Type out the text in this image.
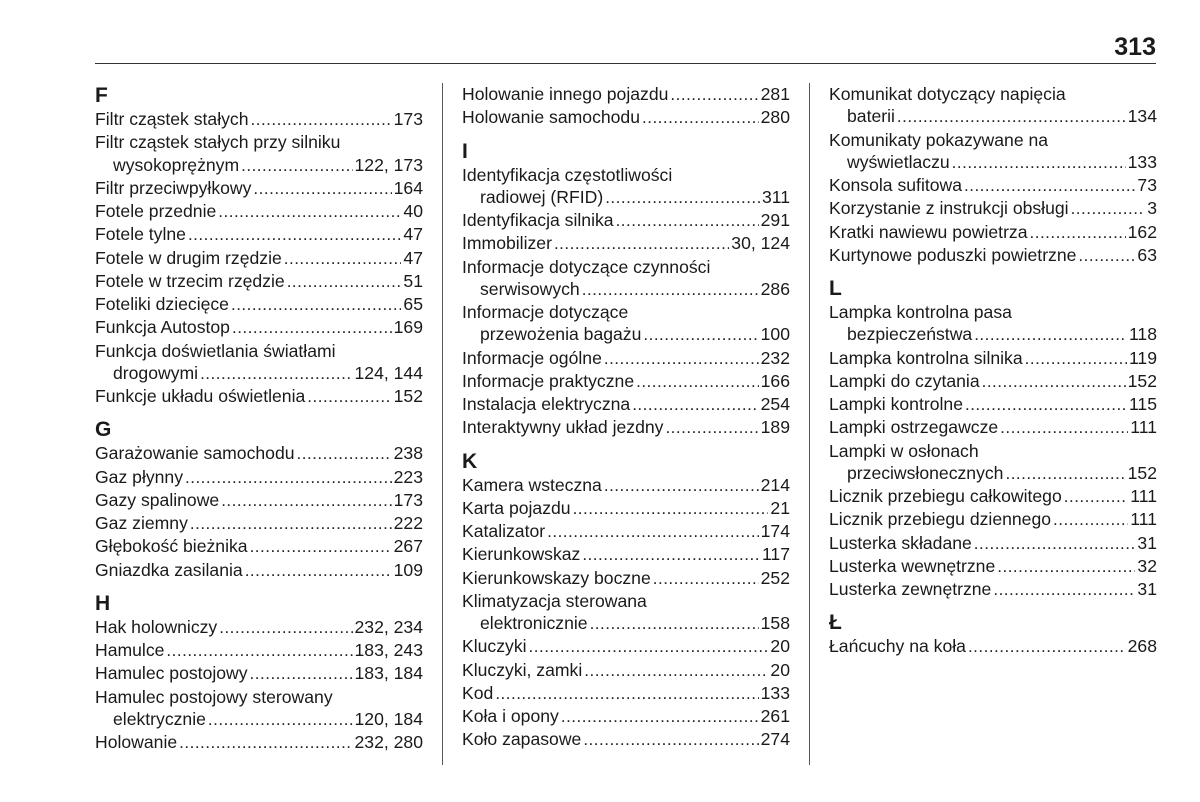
313
F
Filtr cząstek stałych .....	173
Filtr cząstek stałych przy silniku
wysokoprężnym .....	122, 173
Filtr przeciwpyłkowy .....	164
Fotele przednie .....	40
Fotele tylne .....	47
Fotele w drugim rzędzie .....	47
Fotele w trzecim rzędzie .....	51
Foteliki dziecięce .....	65
Funkcja Autostop .....	169
Funkcja doświetlania światłami
drogowymi .....	124, 144
Funkcje układu oświetlenia .....	152
G
Garażowanie samochodu .....	238
Gaz płynny .....	223
Gazy spalinowe .....	173
Gaz ziemny .....	222
Głębokość bieżnika .....	267
Gniazdka zasilania .....	109
H
Hak holowniczy .....	232, 234
Hamulce .....	183, 243
Hamulec postojowy .....	183, 184
Hamulec postojowy sterowany
elektrycznie .....	120, 184
Holowanie .....	232, 280
Holowanie innego pojazdu .....	281
Holowanie samochodu .....	280
I
Identyfikacja częstotliwości
radiowej (RFID) .....	311
Identyfikacja silnika .....	291
Immobilizer .....	30, 124
Informacje dotyczące czynności
serwisowych .....	286
Informacje dotyczące
przewożenia bagażu .....	100
Informacje ogólne .....	232
Informacje praktyczne .....	166
Instalacja elektryczna .....	254
Interaktywny układ jezdny .....	189
K
Kamera wsteczna .....	214
Karta pojazdu .....	21
Katalizator .....	174
Kierunkowskaz .....	117
Kierunkowskazy boczne .....	252
Klimatyzacja sterowana
elektronicznie .....	158
Kluczyki .....	20
Kluczyki, zamki .....	20
Kod .....	133
Koła i opony .....	261
Koło zapasowe .....	274
Komunikat dotyczący napięcia
baterii .....	134
Komunikaty pokazywane na
wyświetlaczu .....	133
Konsola sufitowa .....	73
Korzystanie z instrukcji obsługi .....	3
Kratki nawiewu powietrza .....	162
Kurtynowe poduszki powietrzne .....	63
L
Lampka kontrolna pasa
bezpieczeństwa .....	118
Lampka kontrolna silnika .....	119
Lampki do czytania .....	152
Lampki kontrolne .....	115
Lampki ostrzegawcze .....	111
Lampki w osłonach
przeciwsłonecznych .....	152
Licznik przebiegu całkowitego .....	111
Licznik przebiegu dziennego .....	111
Lusterka składane .....	31
Lusterka wewnętrzne .....	32
Lusterka zewnętrzne .....	31
Ł
Łańcuchy na koła .....	268
